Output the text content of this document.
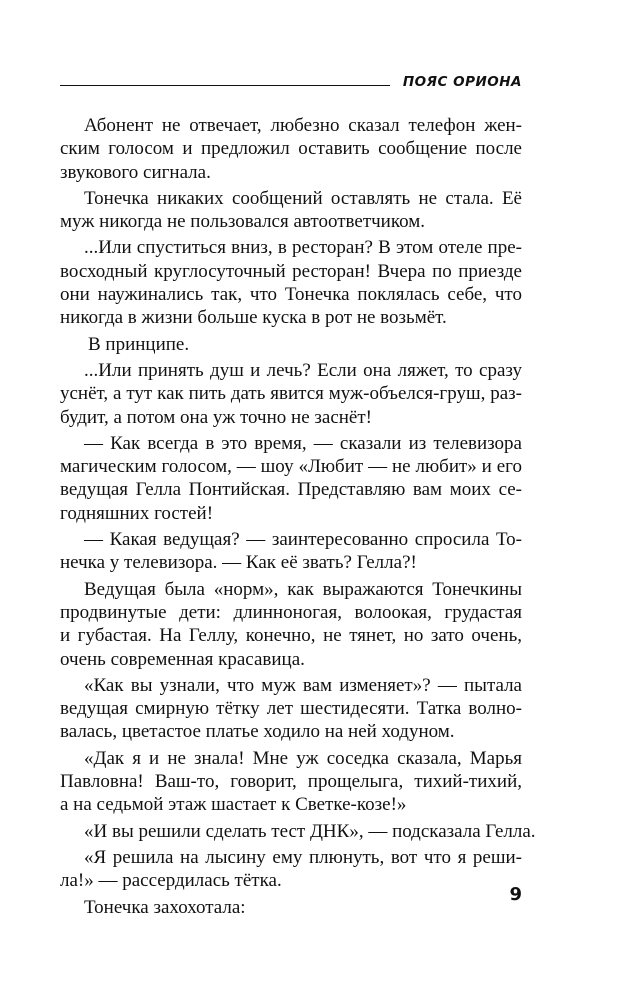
ПОЯС ОРИОНА
Абонент не отвечает, любезно сказал телефон жен-
ским голосом и предложил оставить сообщение после
звукового сигнала.
Тонечка никаких сообщений оставлять не стала. Её
муж никогда не пользовался автоответчиком.
...Или спуститься вниз, в ресторан? В этом отеле пре-
восходный круглосуточный ресторан! Вчера по приезде
они наужинались так, что Тонечка поклялась себе, что
никогда в жизни больше куска в рот не возьмёт.
В принципе.
...Или принять душ и лечь? Если она ляжет, то сразу
уснёт, а тут как пить дать явится муж-объелся-груш, раз-
будит, а потом она уж точно не заснёт!
— Как всегда в это время, — сказали из телевизора
магическим голосом, — шоу «Любит — не любит» и его
ведущая Гелла Понтийская. Представляю вам моих се-
годняшних гостей!
— Какая ведущая? — заинтересованно спросила То-
нечка у телевизора. — Как её звать? Гелла?!
Ведущая была «норм», как выражаются Тонечкины
продвинутые дети: длинноногая, волоокая, грудастая
и губастая. На Геллу, конечно, не тянет, но зато очень,
очень современная красавица.
«Как вы узнали, что муж вам изменяет»? — пытала
ведущая смирную тётку лет шестидесяти. Татка волно-
валась, цветастое платье ходило на ней ходуном.
«Дак я и не знала! Мне уж соседка сказала, Марья
Павловна! Ваш-то, говорит, прощелыга, тихий-тихий,
а на седьмой этаж шастает к Светке-козе!»
«И вы решили сделать тест ДНК», — подсказала Гелла.
«Я решила на лысину ему плюнуть, вот что я реши-
ла!» — рассердилась тётка.
Тонечка захохотала:
9
